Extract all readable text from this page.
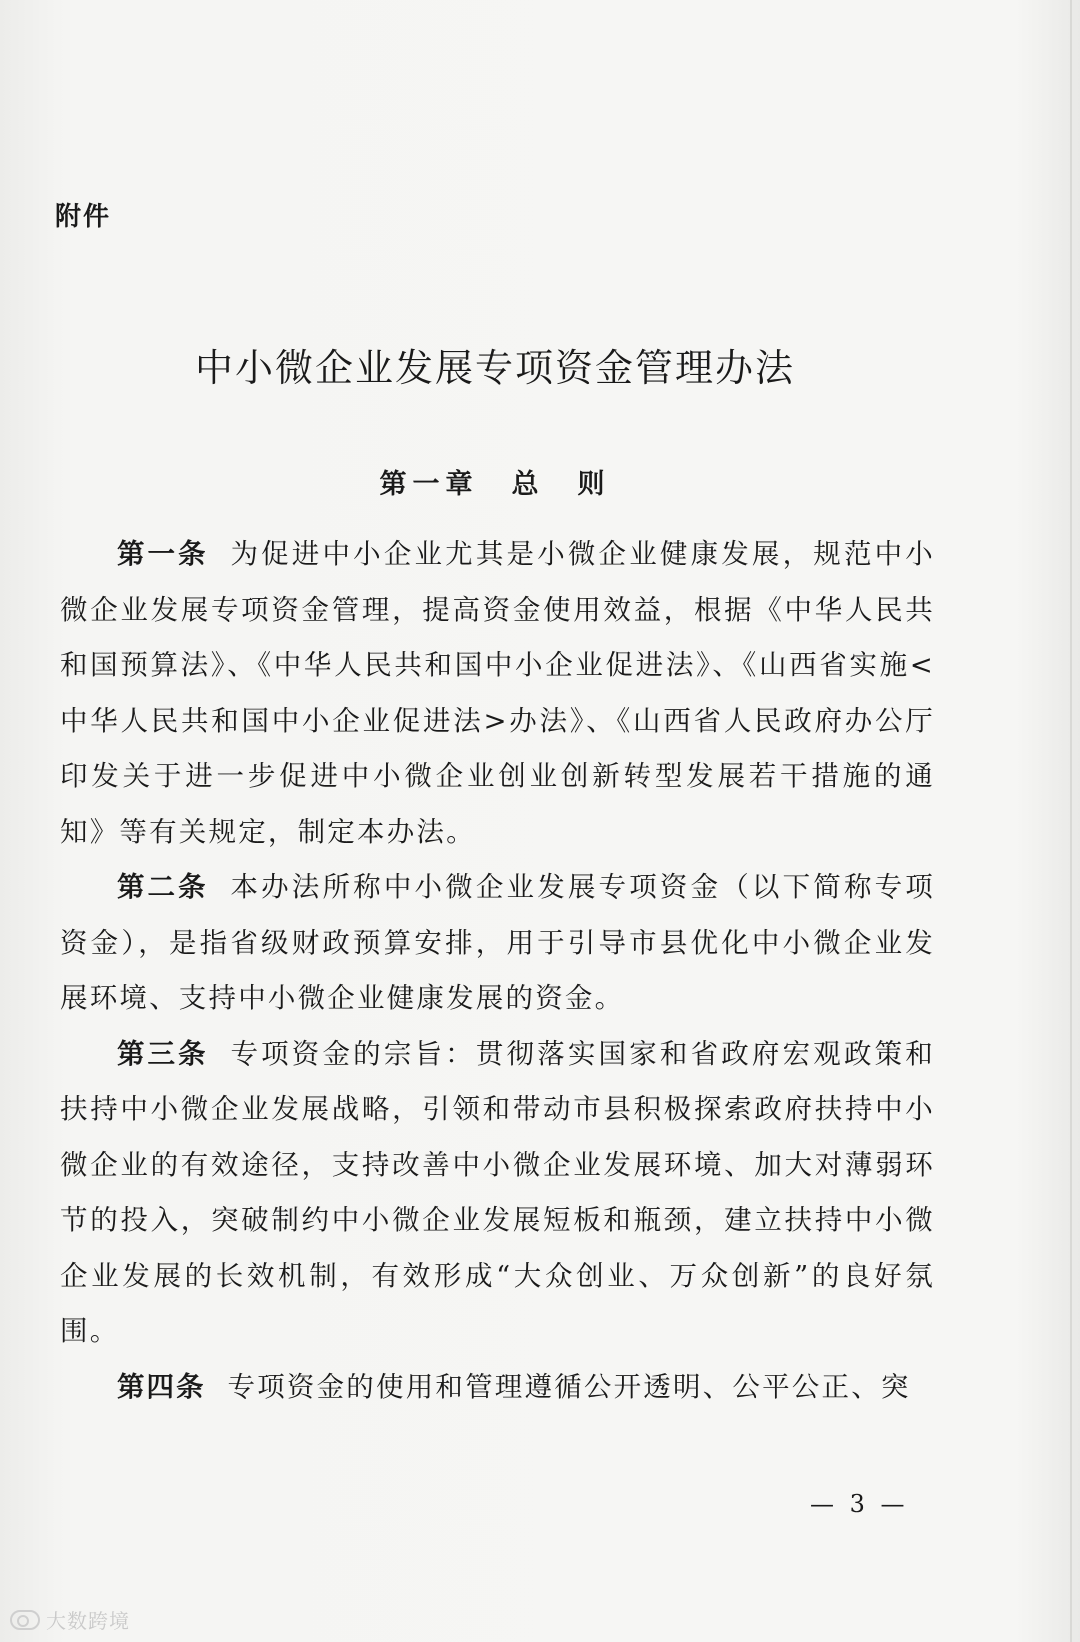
附件
中小微企业发展专项资金管理办法
第一章　总　则

第一条 为促进中小企业尤其是小微企业健康发展，规范中小微企业发展专项资金管理，提高资金使用效益，根据《中华人民共和国预算法》、《中华人民共和国中小企业促进法》、《山西省实施<中华人民共和国中小企业促进法>办法》、《山西省人民政府办公厅印发关于进一步促进中小微企业创业创新转型发展若干措施的通知》等有关规定，制定本办法。

第二条 本办法所称中小微企业发展专项资金（以下简称专项资金），是指省级财政预算安排，用于引导市县优化中小微企业发展环境、支持中小微企业健康发展的资金。

第三条 专项资金的宗旨：贯彻落实国家和省政府宏观政策和扶持中小微企业发展战略，引领和带动市县积极探索政府扶持中小微企业的有效途径，支持改善中小微企业发展环境、加大对薄弱环节的投入，突破制约中小微企业发展短板和瓶颈，建立扶持中小微企业发展的长效机制，有效形成“大众创业、万众创新”的良好氛围。

第四条 专项资金的使用和管理遵循公开透明、公平公正、突

— 3 —
大数跨境
